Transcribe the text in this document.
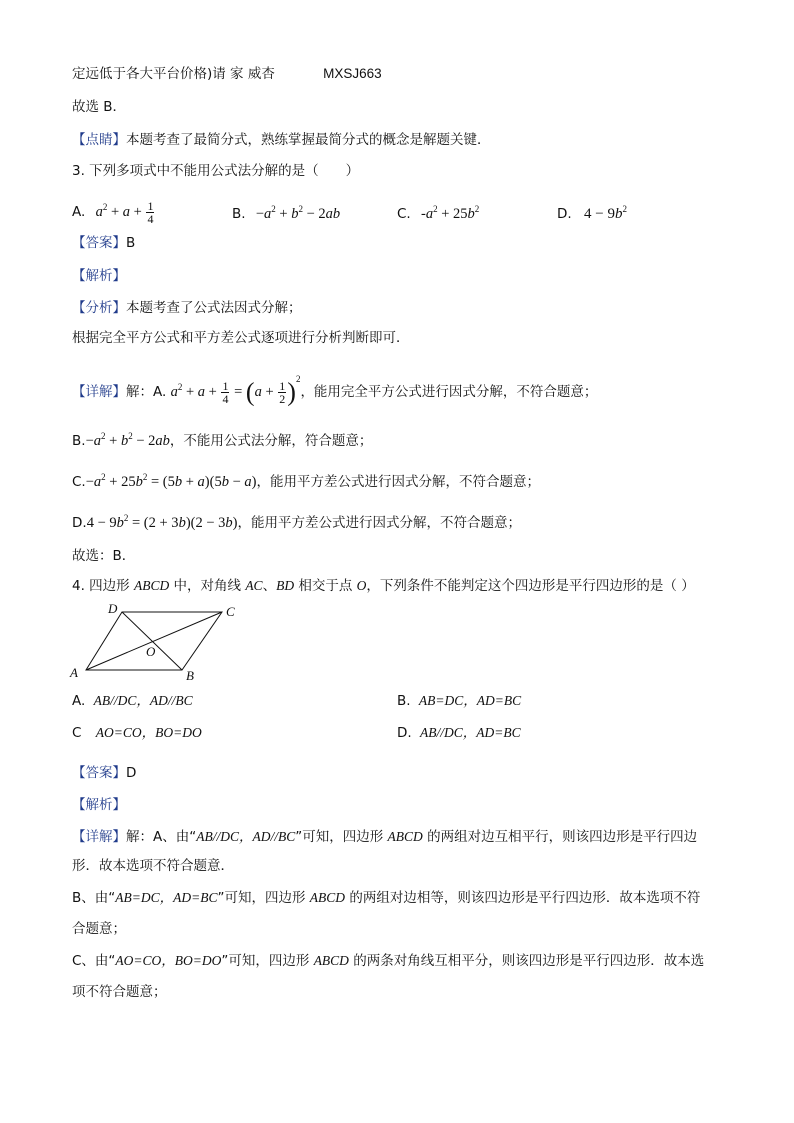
定远低于各大平台价格)请 家 威杏	MXSJ663
故选 B．
【点睛】本题考查了最简分式，熟练掌握最简分式的概念是解题关键．
3. 下列多项式中不能用公式法分解的是（　　）
A. $a^2 + a + \frac{1}{4}$	B. $-a^2 + b^2 - 2ab$	C. $-a^2 + 25b^2$	D. $4 - 9b^2$
【答案】B
【解析】
【分析】本题考查了公式法因式分解；
根据完全平方公式和平方差公式逐项进行分析判断即可．
【详解】解：A. $a^2 + a + \frac{1}{4} = (a + \frac{1}{2} )^2$，能用完全平方公式进行因式分解，不符合题意；
$B.-a^2 + b^2 - 2ab$，不能用公式法分解，符合题意；
$C.-a^2 + 25b^2 = (5b + a)(5b - a)$，能用平方差公式进行因式分解，不符合题意；
$D.4 - 9b^2 = (2 + 3b)(2 - 3b)$，能用平方差公式进行因式分解，不符合题意；
故选：B．
4. 四边形 ABCD 中，对角线 AC、BD 相交于点 O，下列条件不能判定这个四边形是平行四边形的是（ ）
A	B
C
D
O
A. AB//DC，AD//BC	B. AB=DC，AD=BC
C AO=CO，BO=DO	D. AB//DC，AD=BC
【答案】D
【解析】
【详解】解：A、由“AB//DC，AD//BC”可知，四边形 ABCD 的两组对边互相平行，则该四边形是平行四边
形．故本选项不符合题意．
B、由“AB=DC，AD=BC”可知，四边形 ABCD 的两组对边相等，则该四边形是平行四边形．故本选项不符
合题意；
C、由“AO=CO，BO=DO”可知，四边形 ABCD 的两条对角线互相平分，则该四边形是平行四边形．故本选
项不符合题意；
